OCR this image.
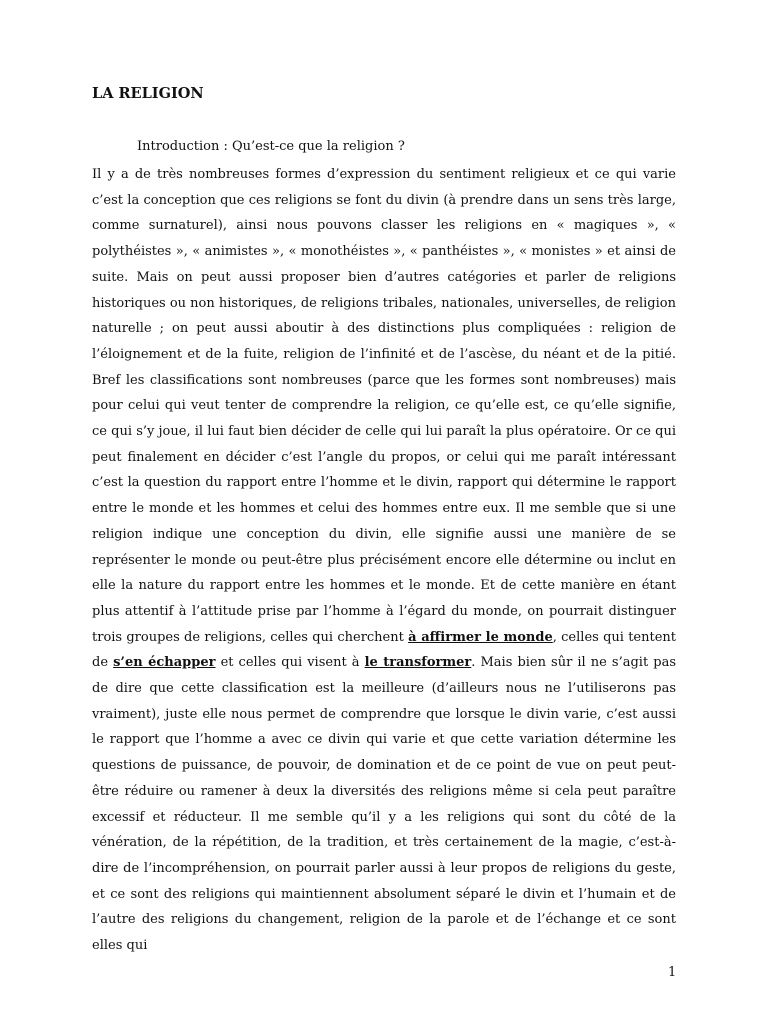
LA RELIGION

Introduction : Qu’est-ce que la religion ?

Il y a de très nombreuses formes d’expression du sentiment religieux et ce qui varie c’est la conception que ces religions se font du divin (à prendre dans un sens très large, comme surnaturel), ainsi nous pouvons classer les religions en « magiques », « polythéistes », « animistes », « monothéistes », « panthéistes », « monistes » et ainsi de suite. Mais on peut aussi proposer bien d’autres catégories et parler de religions historiques ou non historiques, de religions tribales, nationales, universelles, de religion naturelle ; on peut aussi aboutir à des distinctions plus compliquées : religion de l’éloignement et de la fuite, religion de l’infinité et de l’ascèse, du néant et de la pitié. Bref les classifications sont nombreuses (parce que les formes sont nombreuses) mais pour celui qui veut tenter de comprendre la religion, ce qu’elle est, ce qu’elle signifie, ce qui s’y joue, il lui faut bien décider de celle qui lui paraît la plus opératoire. Or ce qui peut finalement en décider c’est l’angle du propos, or celui qui me paraît intéressant c’est la question du rapport entre l’homme et le divin, rapport qui détermine le rapport entre le monde et les hommes et celui des hommes entre eux. Il me semble que si une religion indique une conception du divin, elle signifie aussi une manière de se représenter le monde ou peut-être plus précisément encore elle détermine ou inclut en elle la nature du rapport entre les hommes et le monde. Et de cette manière en étant plus attentif à l’attitude prise par l’homme à l’égard du monde, on pourrait distinguer trois groupes de religions, celles qui cherchent à affirmer le monde, celles qui tentent de s’en échapper et celles qui visent à le transformer. Mais bien sûr il ne s’agit pas de dire que cette classification est la meilleure (d’ailleurs nous ne l’utiliserons pas vraiment), juste elle nous permet de comprendre que lorsque le divin varie, c’est aussi le rapport que l’homme a avec ce divin qui varie et que cette variation détermine les questions de puissance, de pouvoir, de domination et de ce point de vue on peut peut-être réduire ou ramener à deux la diversités des religions même si cela peut paraître excessif et réducteur. Il me semble qu’il y a les religions qui sont du côté de la vénération, de la répétition, de la tradition, et très certainement de la magie, c’est-à-dire de l’incompréhension, on pourrait parler aussi à leur propos de religions du geste, et ce sont des religions qui maintiennent absolument séparé le divin et l’humain et de l’autre des religions du changement, religion de la parole et de l’échange et ce sont elles qui

1
